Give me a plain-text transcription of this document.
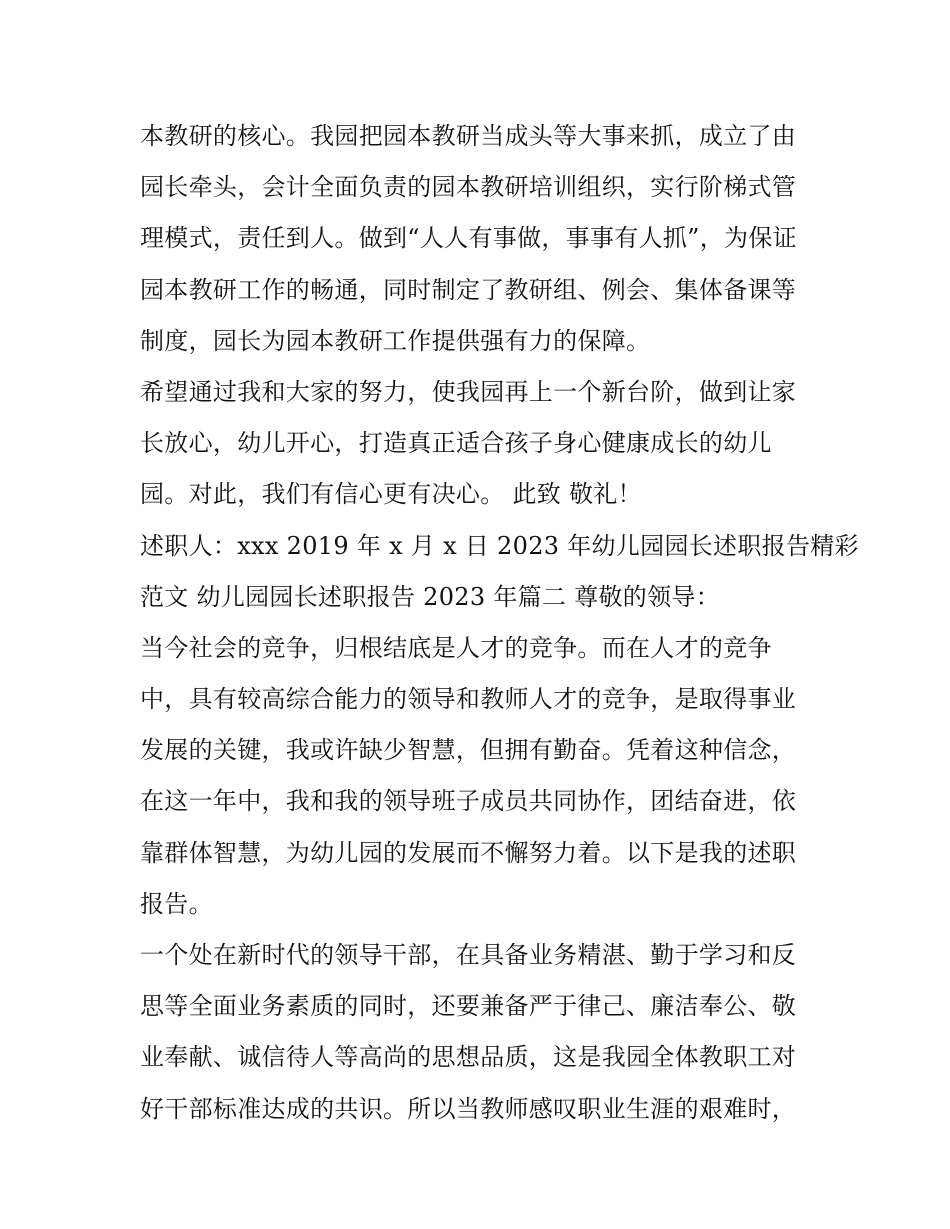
本教研的核心。我园把园本教研当成头等大事来抓，成立了由
园长牵头，会计全面负责的园本教研培训组织，实行阶梯式管
理模式，责任到人。做到“人人有事做，事事有人抓”，为保证
园本教研工作的畅通，同时制定了教研组、例会、集体备课等
制度，园长为园本教研工作提供强有力的保障。
希望通过我和大家的努力，使我园再上一个新台阶，做到让家
长放心，幼儿开心，打造真正适合孩子身心健康成长的幼儿
园。对此，我们有信心更有决心。 此致 敬礼！
述职人：xxx 2019 年 x 月 x 日 2023 年幼儿园园长述职报告精彩
范文 幼儿园园长述职报告 2023 年篇二 尊敬的领导：
当今社会的竞争，归根结底是人才的竞争。而在人才的竞争
中，具有较高综合能力的领导和教师人才的竞争，是取得事业
发展的关键，我或许缺少智慧，但拥有勤奋。凭着这种信念，
在这一年中，我和我的领导班子成员共同协作，团结奋进，依
靠群体智慧，为幼儿园的发展而不懈努力着。以下是我的述职
报告。
一个处在新时代的领导干部，在具备业务精湛、勤于学习和反
思等全面业务素质的同时，还要兼备严于律己、廉洁奉公、敬
业奉献、诚信待人等高尚的思想品质，这是我园全体教职工对
好干部标准达成的共识。所以当教师感叹职业生涯的艰难时，
